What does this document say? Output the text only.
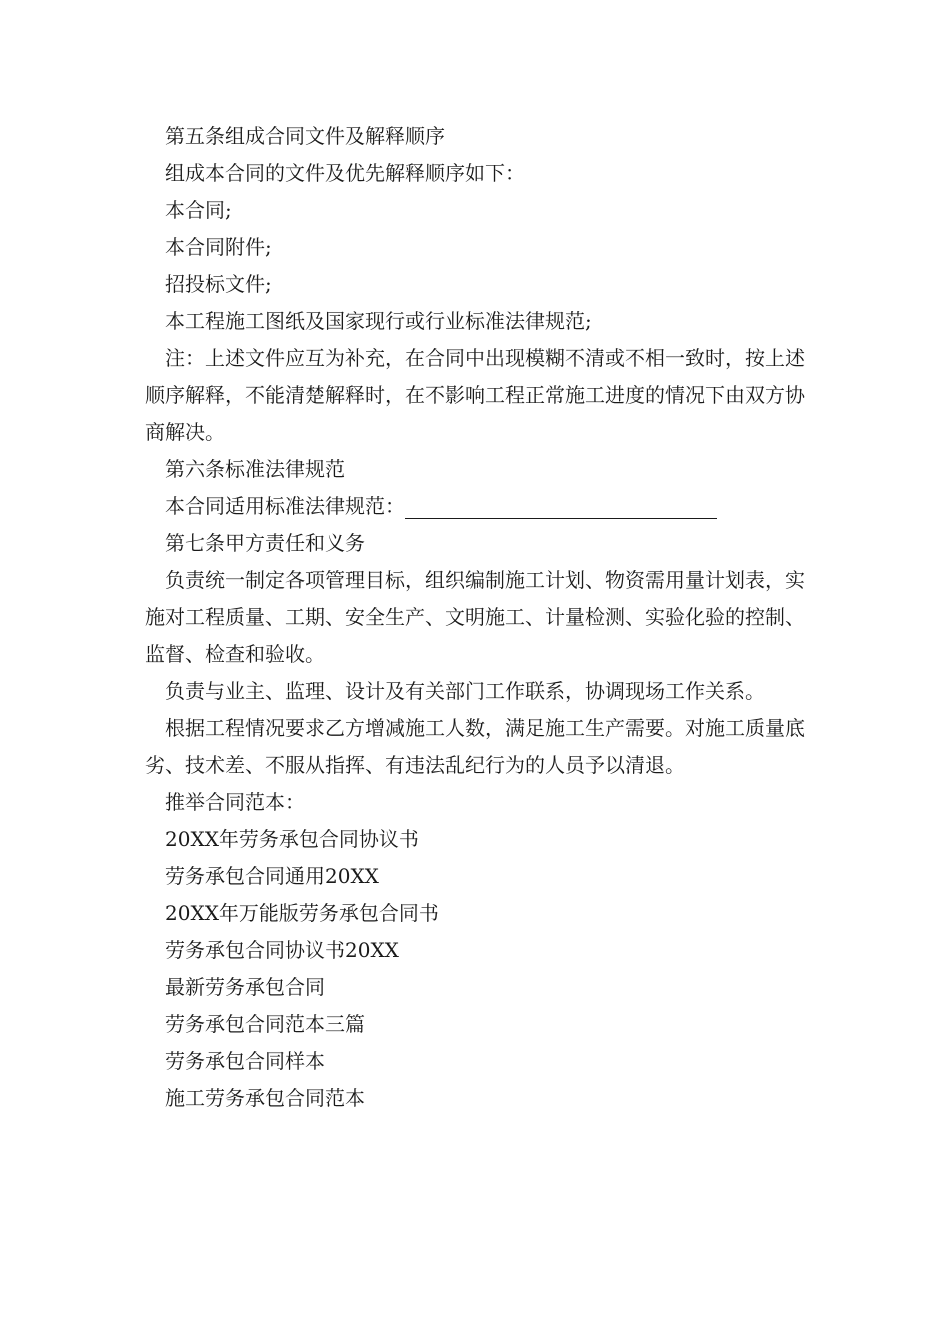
第五条组成合同文件及解释顺序

组成本合同的文件及优先解释顺序如下：

本合同;

本合同附件;

招投标文件;

本工程施工图纸及国家现行或行业标准法律规范;

注：上述文件应互为补充，在合同中出现模糊不清或不相一致时，按上述顺序解释，不能清楚解释时，在不影响工程正常施工进度的情况下由双方协商解决。

第六条标准法律规范

本合同适用标准法律规范：

第七条甲方责任和义务

负责统一制定各项管理目标，组织编制施工计划、物资需用量计划表，实施对工程质量、工期、安全生产、文明施工、计量检测、实验化验的控制、监督、检查和验收。

负责与业主、监理、设计及有关部门工作联系，协调现场工作关系。

根据工程情况要求乙方增减施工人数，满足施工生产需要。对施工质量底劣、技术差、不服从指挥、有违法乱纪行为的人员予以清退。

推举合同范本：

20XX年劳务承包合同协议书

劳务承包合同通用20XX

20XX年万能版劳务承包合同书

劳务承包合同协议书20XX

最新劳务承包合同

劳务承包合同范本三篇

劳务承包合同样本

施工劳务承包合同范本
